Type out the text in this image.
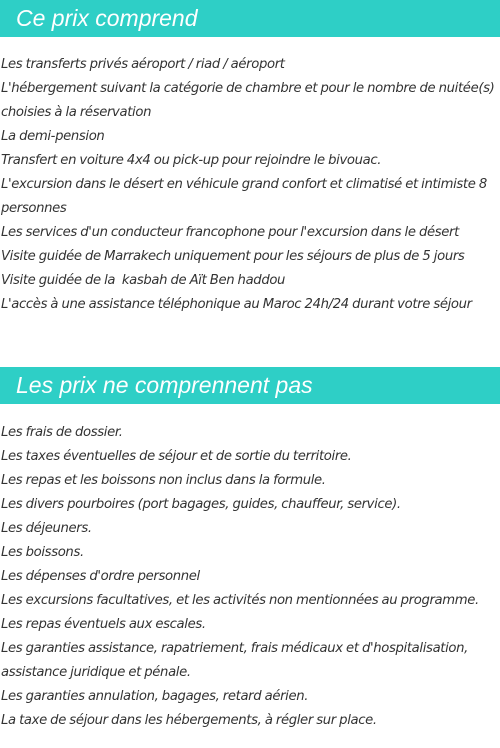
Ce prix comprend
Les transferts privés aéroport / riad / aéroport
L'hébergement suivant la catégorie de chambre et pour le nombre de nuitée(s) choisies à la réservation
La demi-pension
Transfert en voiture 4x4 ou pick-up pour rejoindre le bivouac.
L'excursion dans le désert en véhicule grand confort et climatisé et intimiste 8 personnes
Les services d'un conducteur francophone pour l'excursion dans le désert
Visite guidée de Marrakech uniquement pour les séjours de plus de 5 jours
Visite guidée de la  kasbah de Aït Ben haddou
L'accès à une assistance téléphonique au Maroc 24h/24 durant votre séjour
Les prix ne comprennent pas
Les frais de dossier.
Les taxes éventuelles de séjour et de sortie du territoire.
Les repas et les boissons non inclus dans la formule.
Les divers pourboires (port bagages, guides, chauffeur, service).
Les déjeuners.
Les boissons.
Les dépenses d'ordre personnel
Les excursions facultatives, et les activités non mentionnées au programme.
Les repas éventuels aux escales.
Les garanties assistance, rapatriement, frais médicaux et d'hospitalisation, assistance juridique et pénale.
Les garanties annulation, bagages, retard aérien.
La taxe de séjour dans les hébergements, à régler sur place.
